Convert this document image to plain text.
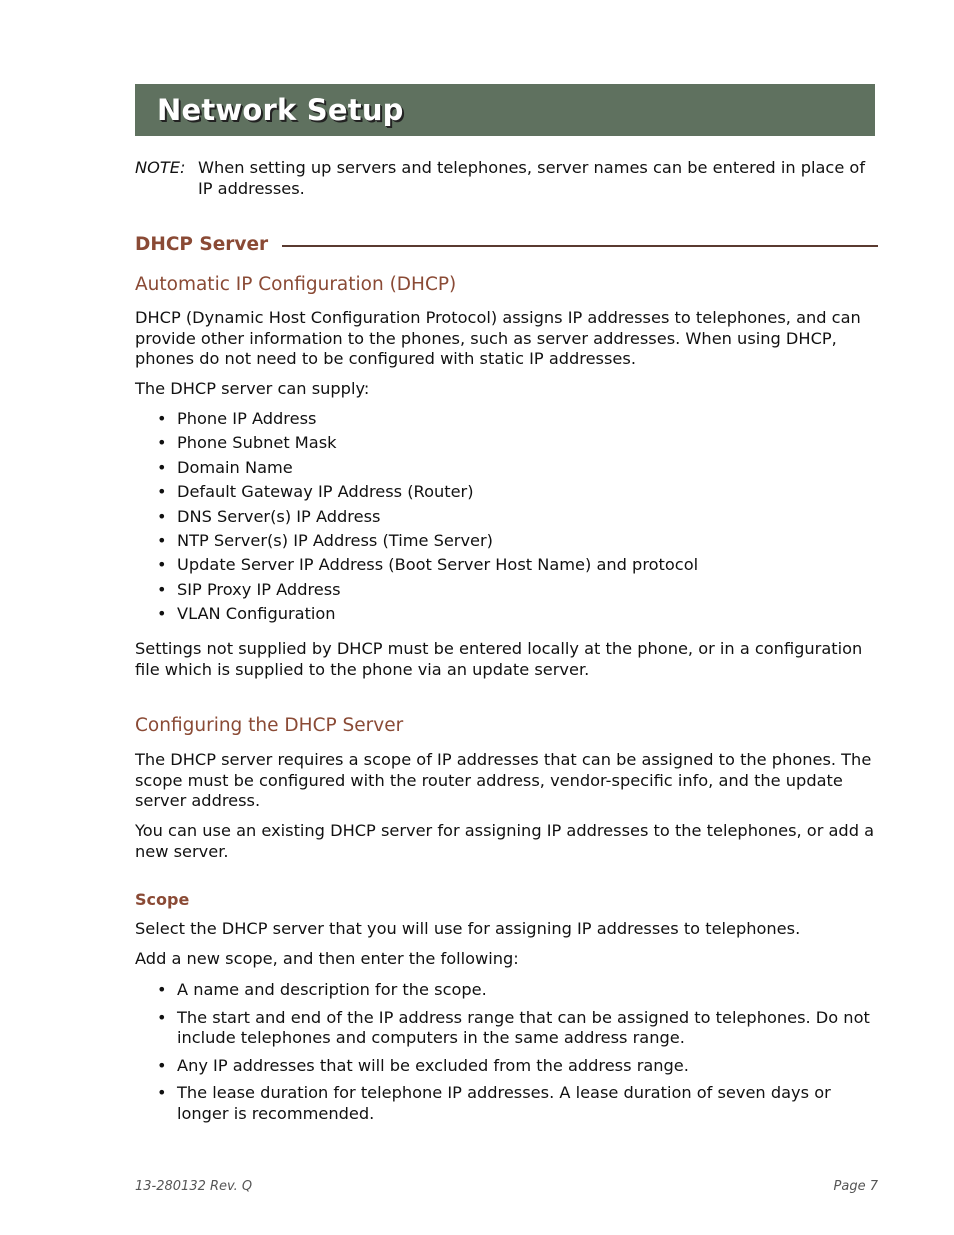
Network Setup
NOTE: When setting up servers and telephones, server names can be entered in place of IP addresses.
DHCP Server
Automatic IP Configuration (DHCP)
DHCP (Dynamic Host Configuration Protocol) assigns IP addresses to telephones, and can provide other information to the phones, such as server addresses. When using DHCP, phones do not need to be configured with static IP addresses.
The DHCP server can supply:
• Phone IP Address
• Phone Subnet Mask
• Domain Name
• Default Gateway IP Address (Router)
• DNS Server(s) IP Address
• NTP Server(s) IP Address (Time Server)
• Update Server IP Address (Boot Server Host Name) and protocol
• SIP Proxy IP Address
• VLAN Configuration
Settings not supplied by DHCP must be entered locally at the phone, or in a configuration file which is supplied to the phone via an update server.
Configuring the DHCP Server
The DHCP server requires a scope of IP addresses that can be assigned to the phones. The scope must be configured with the router address, vendor-specific info, and the update server address.
You can use an existing DHCP server for assigning IP addresses to the telephones, or add a new server.
Scope
Select the DHCP server that you will use for assigning IP addresses to telephones.
Add a new scope, and then enter the following:
• A name and description for the scope.
• The start and end of the IP address range that can be assigned to telephones. Do not include telephones and computers in the same address range.
• Any IP addresses that will be excluded from the address range.
• The lease duration for telephone IP addresses. A lease duration of seven days or longer is recommended.
13-280132 Rev. Q	Page 7
